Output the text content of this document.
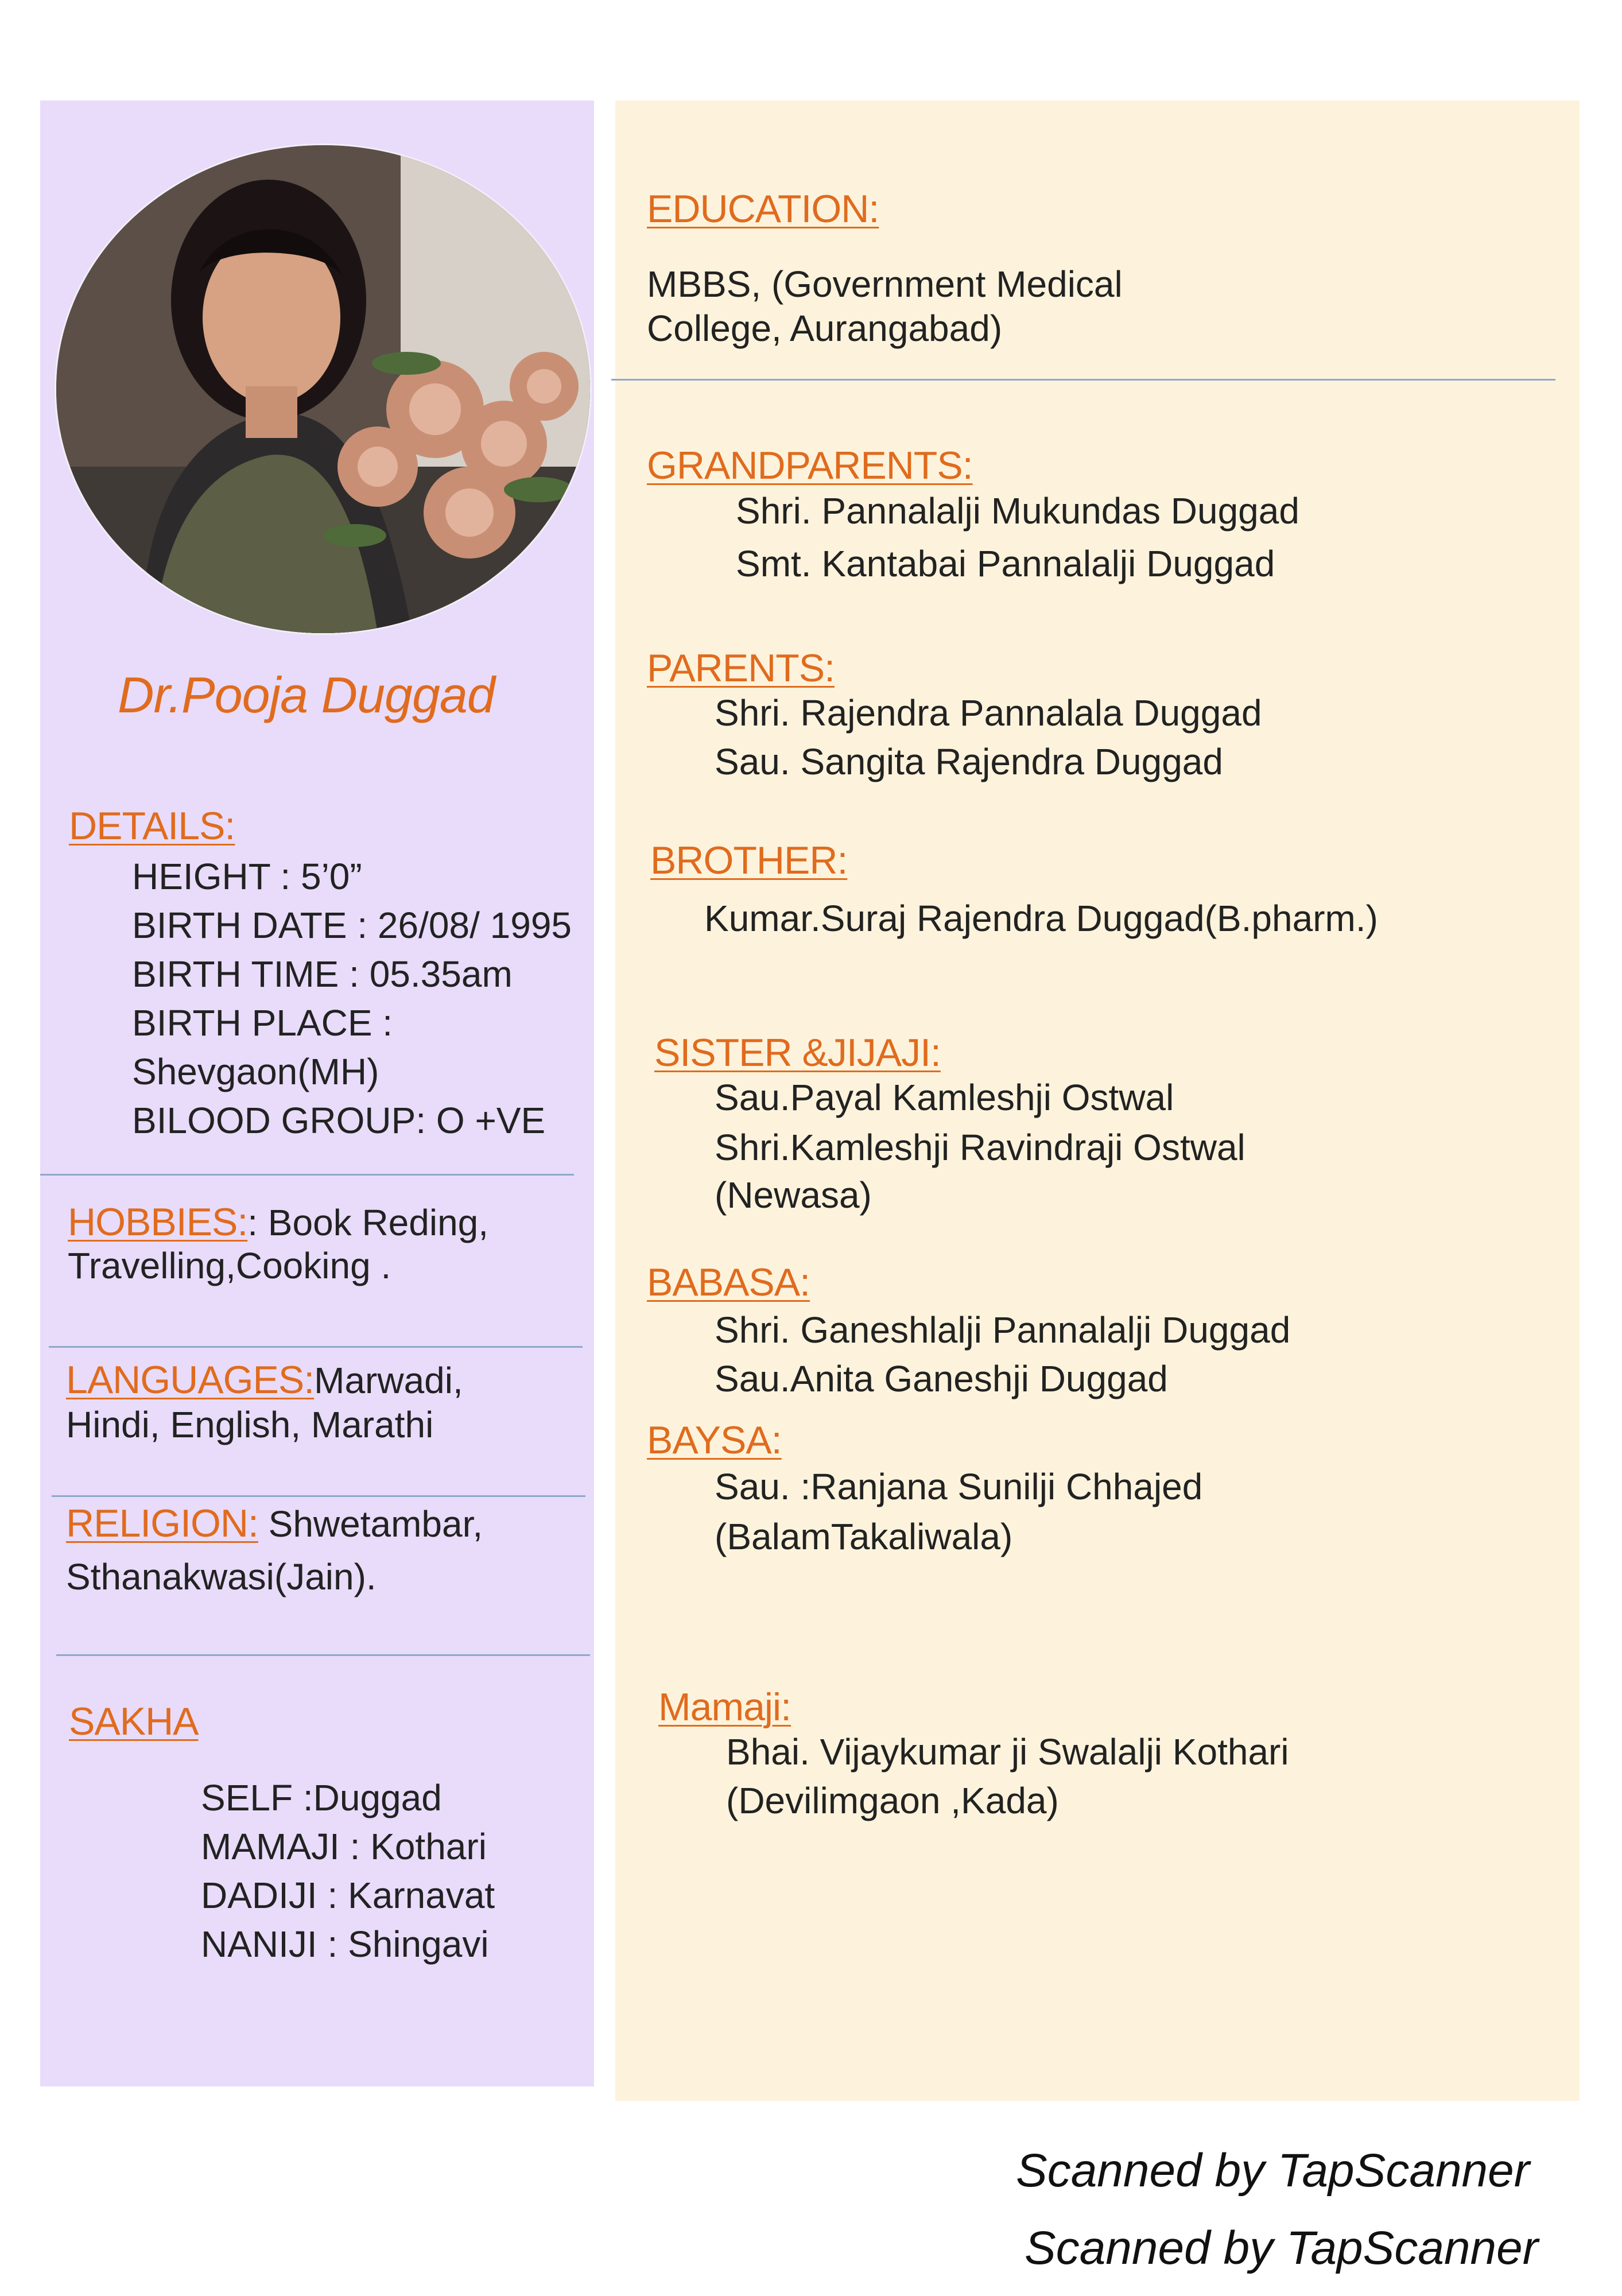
Dr.Pooja Duggad
DETAILS:
HEIGHT : 5’0”
BIRTH DATE : 26/08/ 1995
BIRTH TIME : 05.35am
BIRTH PLACE :
Shevgaon(MH)
BILOOD GROUP: O +VE
HOBBIES:: Book Reding,
Travelling,Cooking .
LANGUAGES:Marwadi,
Hindi, English, Marathi
RELIGION: Shwetambar,
Sthanakwasi(Jain).
SAKHA
SELF :Duggad
MAMAJI : Kothari
DADIJI : Karnavat
NANIJI : Shingavi
EDUCATION:
MBBS, (Government Medical
College, Aurangabad)
GRANDPARENTS:
Shri. Pannalalji Mukundas Duggad
Smt. Kantabai Pannalalji Duggad
PARENTS:
Shri. Rajendra Pannalala Duggad
Sau. Sangita Rajendra Duggad
BROTHER:
Kumar.Suraj Rajendra Duggad(B.pharm.)
SISTER &JIJAJI:
Sau.Payal Kamleshji Ostwal
Shri.Kamleshji Ravindraji Ostwal
(Newasa)
BABASA:
Shri. Ganeshlalji Pannalalji Duggad
Sau.Anita Ganeshji Duggad
BAYSA:
Sau. :Ranjana Sunilji Chhajed
(BalamTakaliwala)
Mamaji:
Bhai. Vijaykumar ji Swalalji Kothari
(Devilimgaon ,Kada)
Scanned by TapScanner
Scanned by TapScanner
